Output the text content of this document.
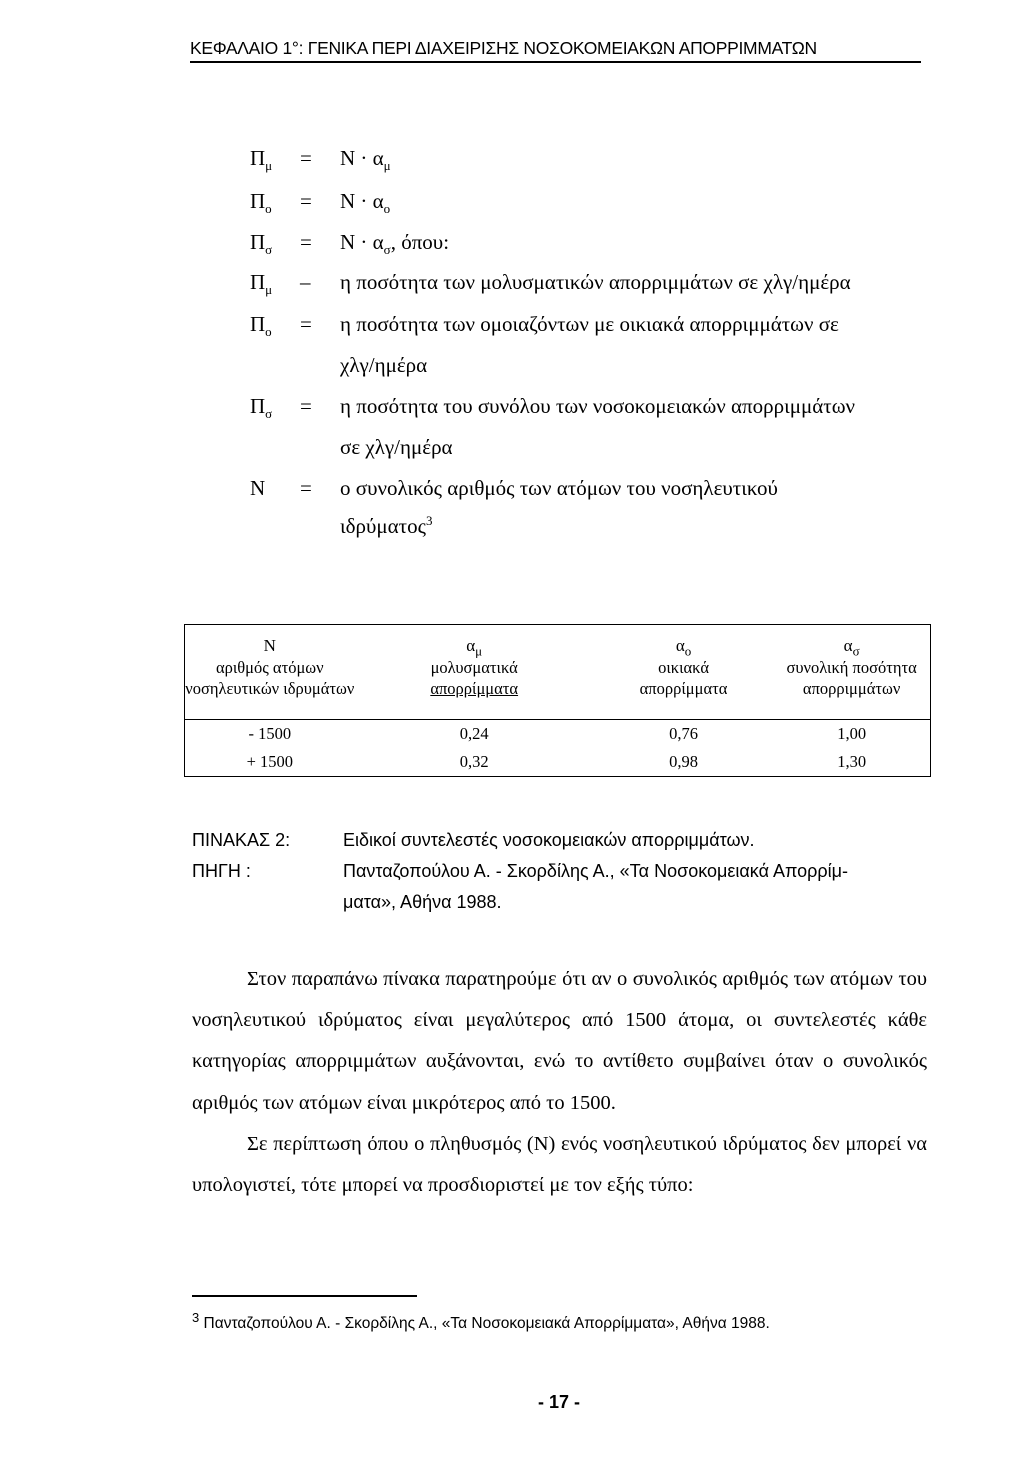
ΚΕΦΑΛΑΙΟ 1°: ΓΕΝΙΚΑ ΠΕΡΙ ΔΙΑΧΕΙΡΙΣΗΣ ΝΟΣΟΚΟΜΕΙΑΚΩΝ ΑΠΟΡΡΙΜΜΑΤΩΝ
$\Pi_\mu = N \cdot \alpha_\mu$
$\Pi_o = N \cdot \alpha_o$
$\Pi_\sigma = N \cdot \alpha_\sigma$, όπου:
$\Pi_\mu$ – η ποσότητα των μολυσματικών απορριμμάτων σε χλγ/ημέρα
$\Pi_o = \eta$ ποσότητα των ομοιαζόντων με οικιακά απορριμμάτων σε
χλγ/ημέρα
$\Pi_\sigma = \eta$ ποσότητα του συνόλου των νοσοκομειακών απορριμμάτων
σε χλγ/ημέρα
N = ο συνολικός αριθμός των ατόμων του νοσηλευτικού
ιδρύματος$^3$
N
αριθμός ατόμων
νοσηλευτικών ιδρυμάτων	$\alpha_\mu$
μολυσματικά
απορρίμματα	$\alpha_o$
οικιακά
απορρίμματα	$\alpha_\sigma$
συνολική ποσότητα
απορριμμάτων

- 1500	0,24	0,76	1,00
+ 1500	0,32	0,98	1,30
ΠΙΝΑΚΑΣ 2:	Ειδικοί συντελεστές νοσοκομειακών απορριμμάτων.
ΠΗΓΗ :	Πανταζοπούλου Α. - Σκορδίλης Α., «Τα Νοσοκομειακά Απορρίμ-
ματα», Αθήνα 1988.

Στον παραπάνω πίνακα παρατηρούμε ότι αν ο συνολικός αριθμός των ατόμων του νοσηλευτικού ιδρύματος είναι μεγαλύτερος από 1500 άτομα, οι συντελεστές κάθε κατηγορίας απορριμμάτων αυξάνονται, ενώ το αντίθετο συμβαίνει όταν ο συνολικός αριθμός των ατόμων είναι μικρότερος από το 1500.

Σε περίπτωση όπου ο πληθυσμός (Ν) ενός νοσηλευτικού ιδρύματος δεν μπορεί να υπολογιστεί, τότε μπορεί να προσδιοριστεί με τον εξής τύπο:

$^3$ Πανταζοπούλου Α. - Σκορδίλης Α., «Τα Νοσοκομειακά Απορρίμματα», Αθήνα 1988.
- 17 -
